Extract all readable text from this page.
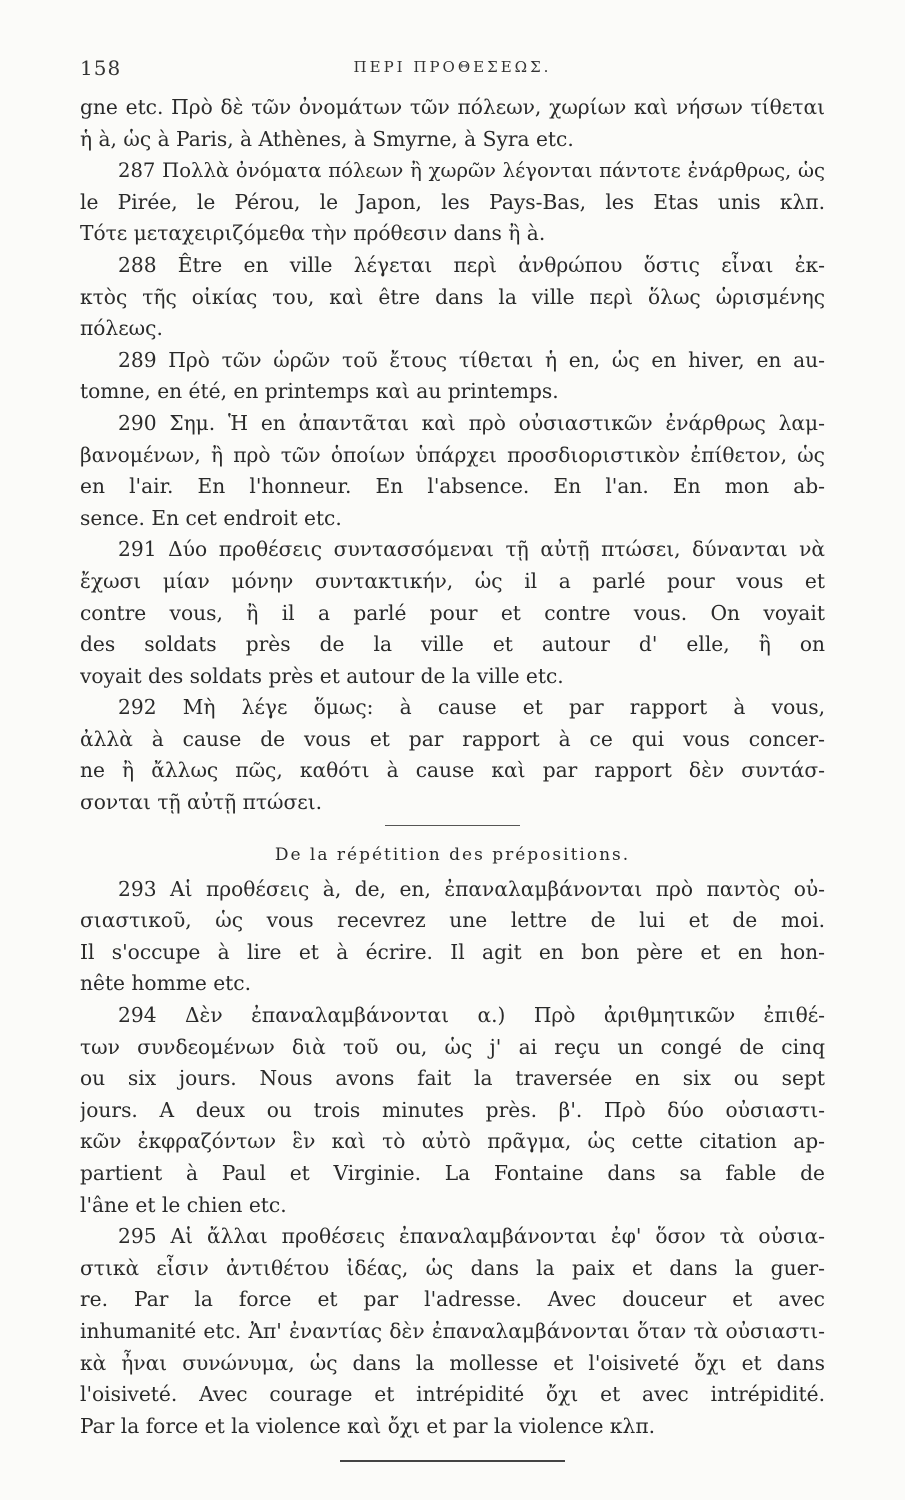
158	ΠΕΡΙ ΠΡΟΘΕΣΕΩΣ.

gne etc. Πρὸ δὲ τῶν ὀνομάτων τῶν πόλεων, χωρίων καὶ νήσων τίθεται
ἡ à, ὡς à Paris, à Athènes, à Smyrne, à Syra etc.

287 Πολλὰ ὀνόματα πόλεων ἢ χωρῶν λέγονται πάντοτε ἐνάρθρως, ὡς
le Pirée, le Pérou, le Japon, les Pays-Bas, les Etas unis κλπ.
Τότε μεταχειριζόμεθα τὴν πρόθεσιν dans ἢ à.

288 Être en ville λέγεται περὶ ἀνθρώπου ὅστις εἶναι ἐκ-
κτὸς τῆς οἰκίας του, καὶ être dans la ville περὶ ὅλως ὡρισμένης
πόλεως.

289 Πρὸ τῶν ὡρῶν τοῦ ἔτους τίθεται ἡ en, ὡς en hiver, en au-
tomne, en été, en printemps καὶ au printemps.

290 Σημ. Ἡ en ἀπαντᾶται καὶ πρὸ οὐσιαστικῶν ἐνάρθρως λαμ-
βανομένων, ἢ πρὸ τῶν ὁποίων ὑπάρχει προσδιοριστικὸν ἐπίθετον, ὡς
en l'air. En l'honneur. En l'absence. En l'an. En mon ab-
sence. En cet endroit etc.

291 Δύο προθέσεις συντασσόμεναι τῇ αὐτῇ πτώσει, δύνανται νὰ
ἔχωσι μίαν μόνην συντακτικήν, ὡς il a parlé pour vous et
contre vous, ἢ il a parlé pour et contre vous. On voyait
des soldats près de la ville et autour d' elle, ἢ on
voyait des soldats près et autour de la ville etc.

292 Μὴ λέγε ὅμως: à cause et par rapport à vous,
ἀλλὰ à cause de vous et par rapport à ce qui vous concer-
ne ἢ ἄλλως πῶς, καθότι à cause καὶ par rapport δὲν συντάσ-
σονται τῇ αὐτῇ πτώσει.

De la répétition des prépositions.

293 Αἱ προθέσεις à, de, en, ἐπαναλαμβάνονται πρὸ παντὸς οὐ-
σιαστικοῦ, ὡς vous recevrez une lettre de lui et de moi.
Il s'occupe à lire et à écrire. Il agit en bon père et en hon-
nête homme etc.

294 Δὲν ἐπαναλαμβάνονται α.) Πρὸ ἀριθμητικῶν ἐπιθέ-
των συνδεομένων διὰ τοῦ ou, ὡς j' ai reçu un congé de cinq
ou six jours. Nous avons fait la traversée en six ou sept
jours. A deux ou trois minutes près. β'. Πρὸ δύο οὐσιαστι-
κῶν ἐκφραζόντων ἓν καὶ τὸ αὐτὸ πρᾶγμα, ὡς cette citation ap-
partient à Paul et Virginie. La Fontaine dans sa fable de
l'âne et le chien etc.

295 Αἱ ἄλλαι προθέσεις ἐπαναλαμβάνονται ἐφ' ὅσον τὰ οὐσια-
στικὰ εἶσιν ἀντιθέτου ἰδέας, ὡς dans la paix et dans la guer-
re. Par la force et par l'adresse. Avec douceur et avec
inhumanité etc. Ἀπ' ἐναντίας δὲν ἐπαναλαμβάνονται ὅταν τὰ οὐσιαστι-
κὰ ἦναι συνώνυμα, ὡς dans la mollesse et l'oisiveté ὄχι et dans
l'oisiveté. Avec courage et intrépidité ὄχι et avec intrépidité.
Par la force et la violence καὶ ὄχι et par la violence κλπ.
